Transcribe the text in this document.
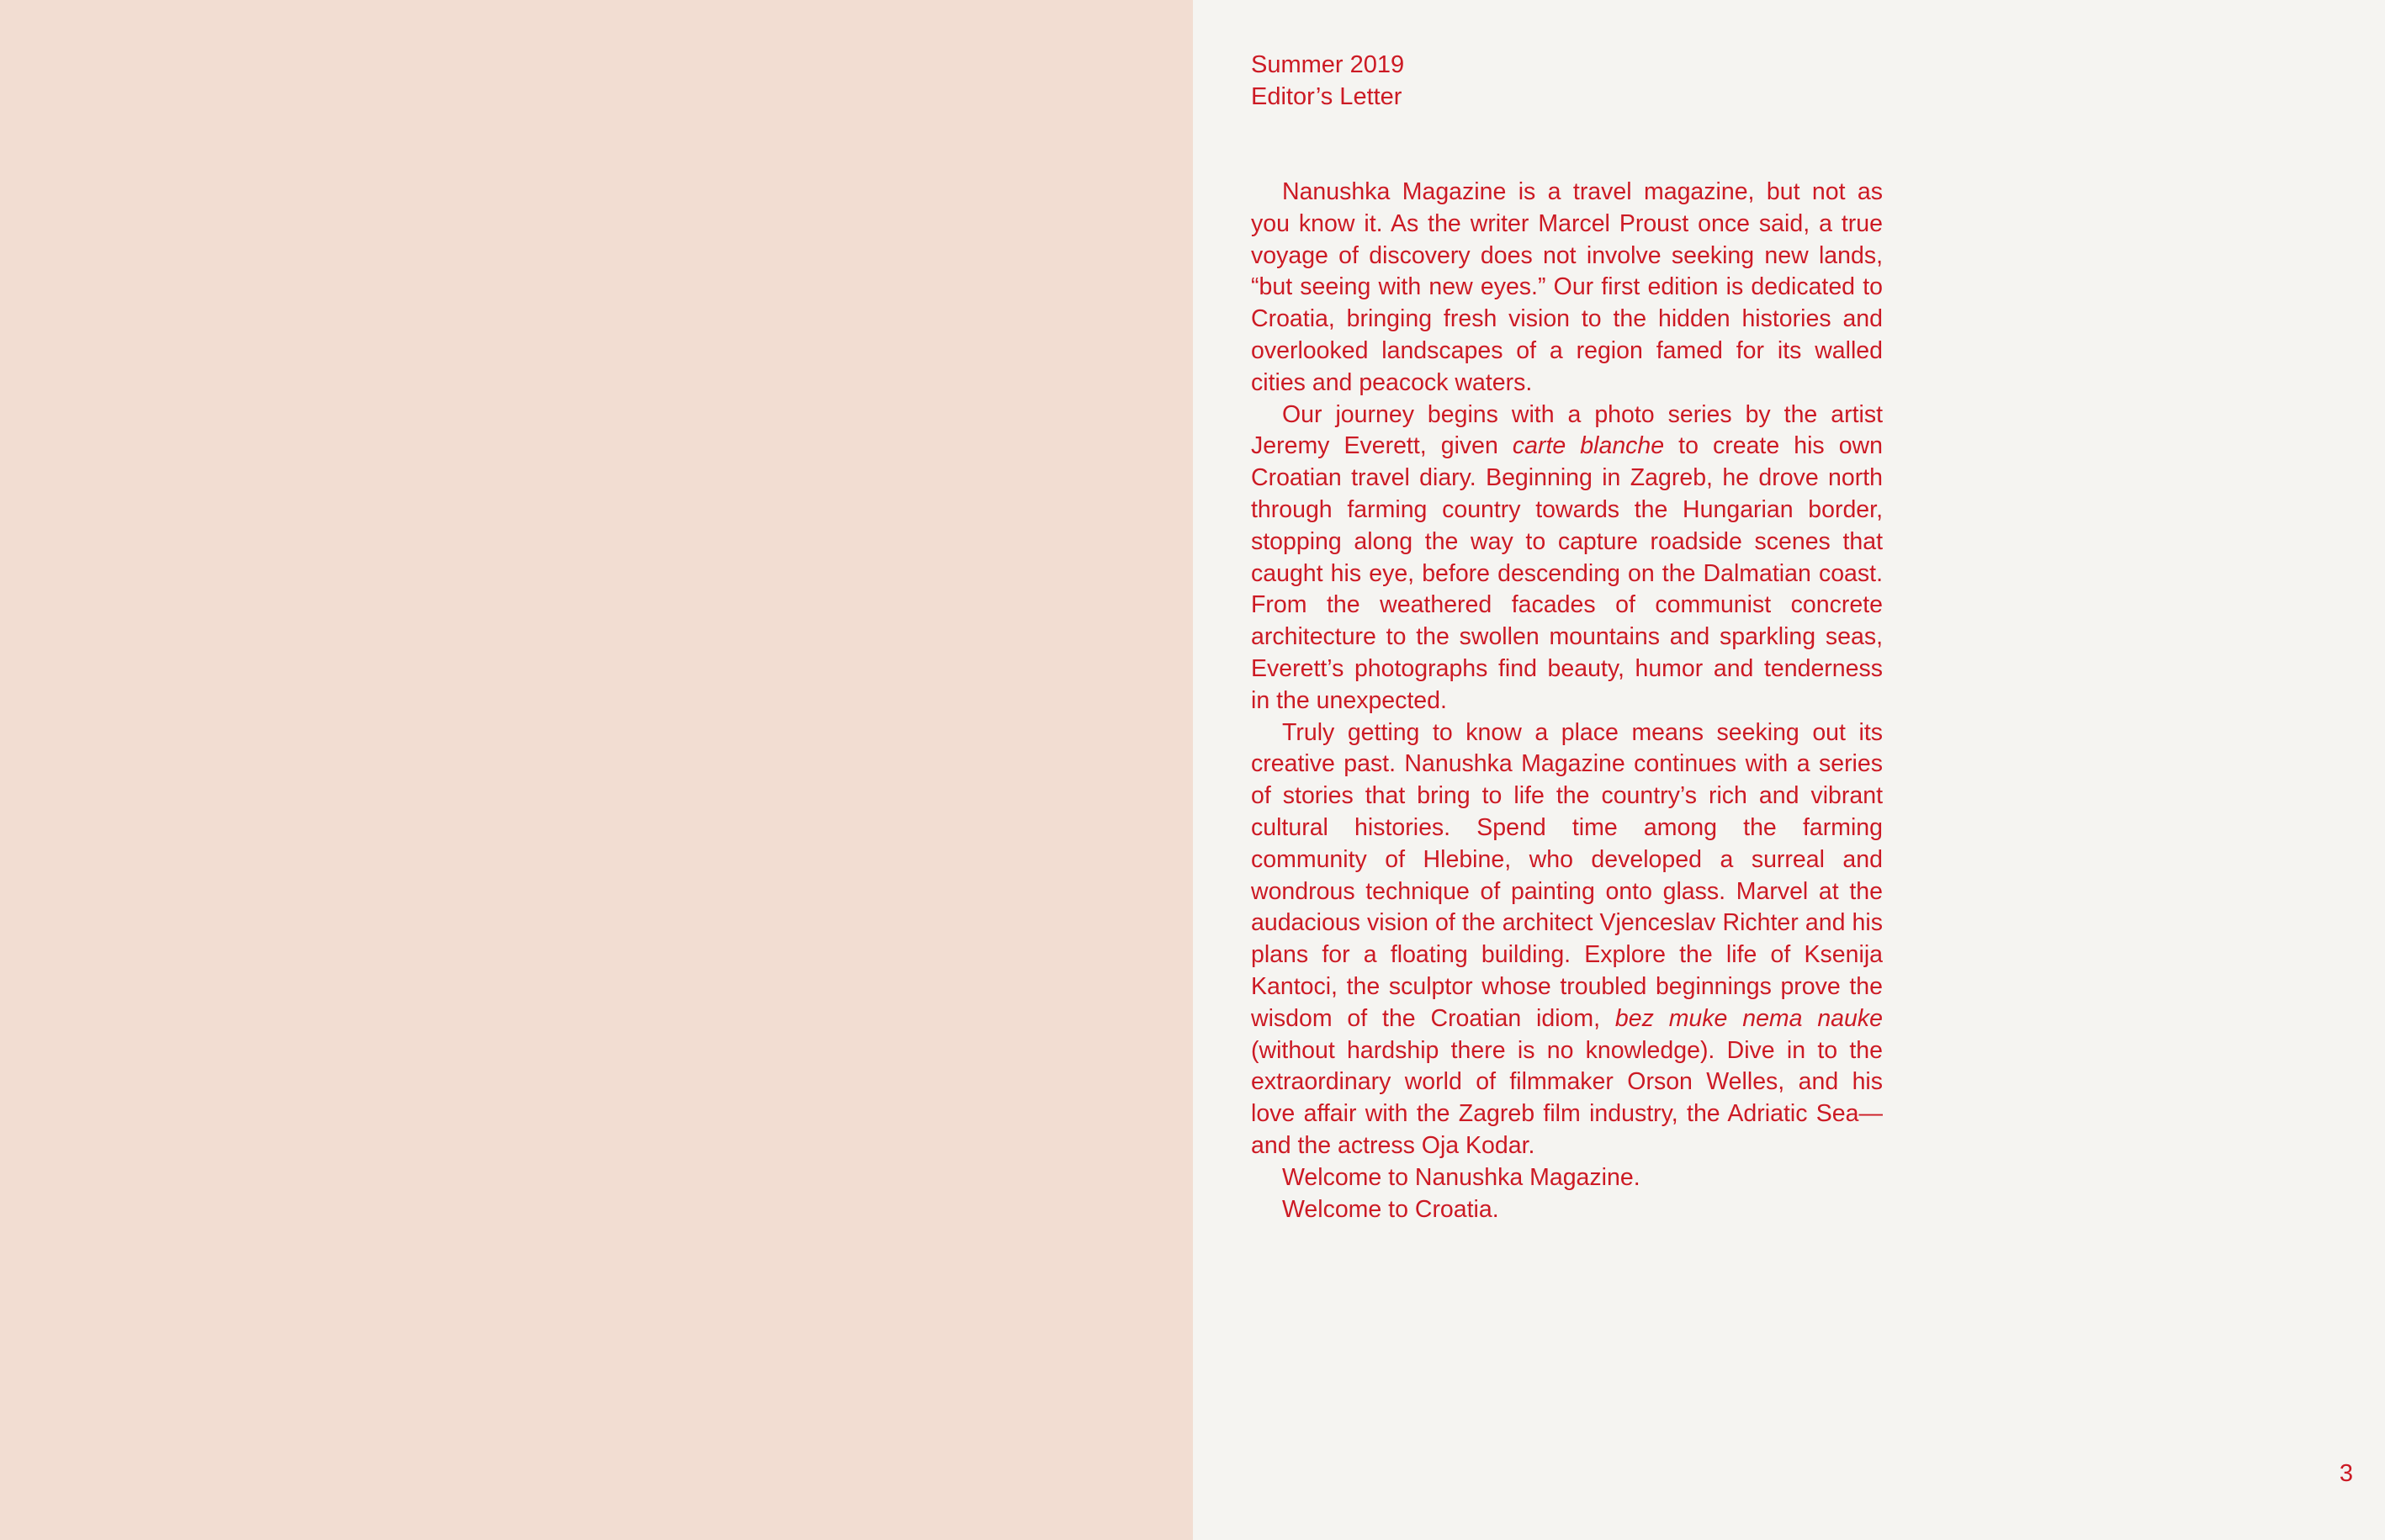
Summer 2019
Editor’s Letter

Nanushka Magazine is a travel magazine, but not as you know it. As the writer Marcel Proust once said, a true voyage of discovery does not involve seeking new lands, “but seeing with new eyes.” Our first edition is dedicated to Croatia, bringing fresh vision to the hidden histories and overlooked landscapes of a region famed for its walled cities and peacock waters.

Our journey begins with a photo series by the artist Jeremy Everett, given carte blanche to create his own Croatian travel diary. Beginning in Zagreb, he drove north through farming country towards the Hungarian border, stopping along the way to capture roadside scenes that caught his eye, before descending on the Dalmatian coast. From the weathered facades of communist concrete architecture to the swollen mountains and sparkling seas, Everett’s photographs find beauty, humor and tenderness in the unexpected.

Truly getting to know a place means seeking out its creative past. Nanushka Magazine continues with a series of stories that bring to life the country’s rich and vibrant cultural histories. Spend time among the farming community of Hlebine, who developed a surreal and wondrous technique of painting onto glass. Marvel at the audacious vision of the architect Vjenceslav Richter and his plans for a floating building. Explore the life of Ksenija Kantoci, the sculptor whose troubled beginnings prove the wisdom of the Croatian idiom, bez muke nema nauke (without hardship there is no knowledge). Dive in to the extraordinary world of filmmaker Orson Welles, and his love affair with the Zagreb film industry, the Adriatic Sea—and the actress Oja Kodar.

Welcome to Nanushka Magazine.

Welcome to Croatia.

3
